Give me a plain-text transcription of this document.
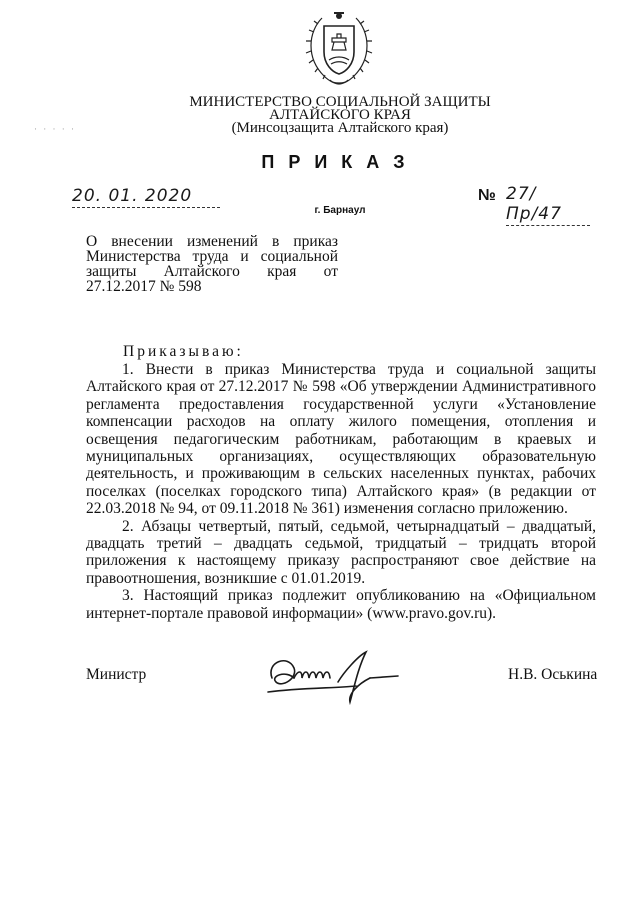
МИНИСТЕРСТВО СОЦИАЛЬНОЙ ЗАЩИТЫ
АЛТАЙСКОГО КРАЯ
(Минсоцзащита Алтайского края)
· · · · ·
ПРИКАЗ
20. 01. 2020	№ 27/Пр/47
г. Барнаул
О внесении изменений в приказ Министерства труда и социальной защиты Алтайского края от 27.12.2017 № 598
Приказываю:

1. Внести в приказ Министерства труда и социальной защиты Алтайского края от 27.12.2017 № 598 «Об утверждении Административного регламента предоставления государственной услуги «Установление компенсации расходов на оплату жилого помещения, отопления и освещения педагогическим работникам, работающим в краевых и муниципальных организациях, осуществляющих образовательную деятельность, и проживающим в сельских населенных пунктах, рабочих поселках (поселках городского типа) Алтайского края» (в редакции от 22.03.2018 № 94, от 09.11.2018 № 361) изменения согласно приложению.

2. Абзацы четвертый, пятый, седьмой, четырнадцатый – двадцатый, двадцать третий – двадцать седьмой, тридцатый – тридцать второй приложения к настоящему приказу распространяют свое действие на правоотношения, возникшие с 01.01.2019.

3. Настоящий приказ подлежит опубликованию на «Официальном интернет-портале правовой информации» (www.pravo.gov.ru).

Министр	Н.В. Оськина
